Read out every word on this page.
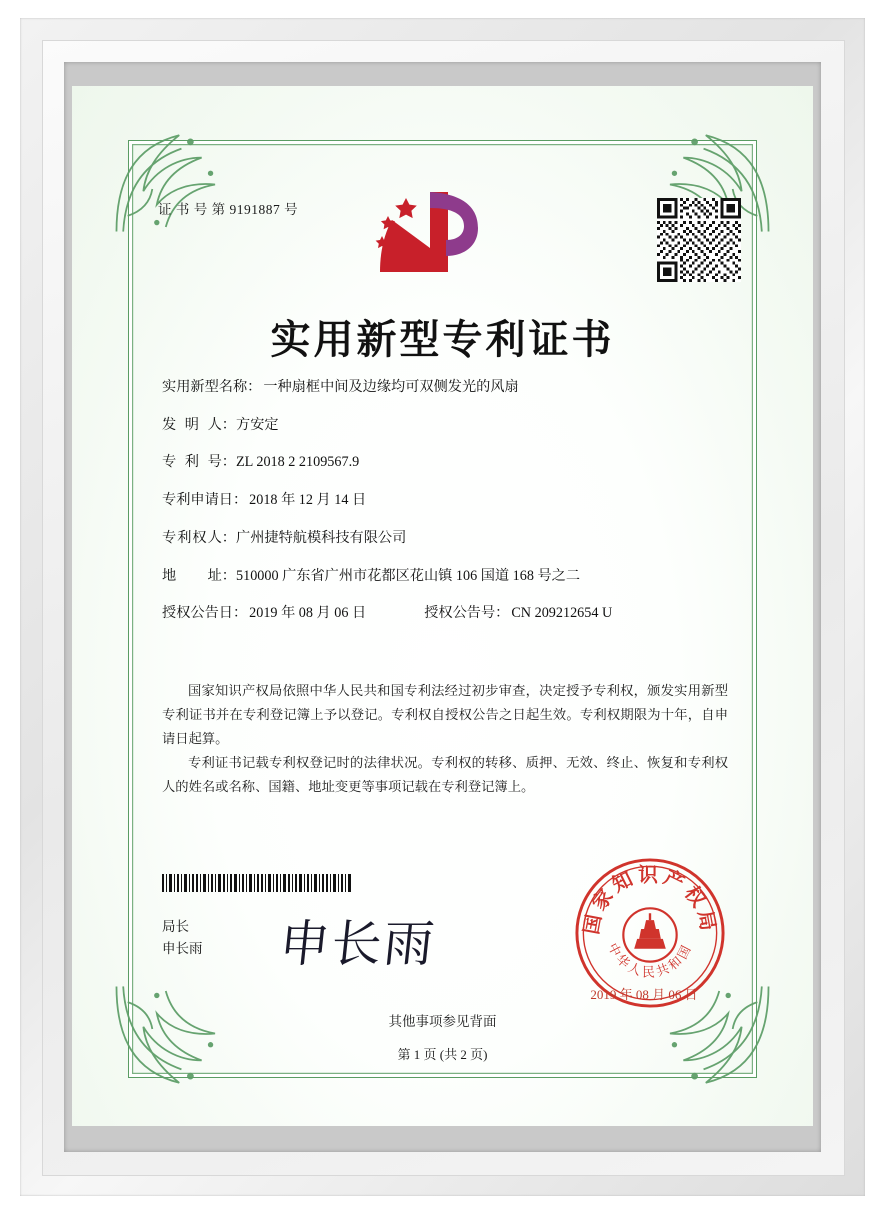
证 书 号 第 9191887 号
实用新型专利证书
实用新型名称： 一种扇框中间及边缘均可双侧发光的风扇
发 明 人： 方安定
专 利 号： ZL 2018 2 2109567.9
专利申请日： 2018 年 12 月 14 日
专 利 权 人： 广州捷特航模科技有限公司
地 址： 510000 广东省广州市花都区花山镇 106 国道 168 号之二
授权公告日： 2019 年 08 月 06 日	授权公告号： CN 209212654 U

国家知识产权局依照中华人民共和国专利法经过初步审查，决定授予专利权，颁发实用新型专利证书并在专利登记簿上予以登记。专利权自授权公告之日起生效。专利权期限为十年，自申请日起算。

专利证书记载专利权登记时的法律状况。专利权的转移、质押、无效、终止、恢复和专利权人的姓名或名称、国籍、地址变更等事项记载在专利登记簿上。

局长
申长雨 申长雨	国家知识产权局
中华人民共和国
2019 年 08 月 06 日
第 1 页 (共 2 页)
其他事项参见背面
